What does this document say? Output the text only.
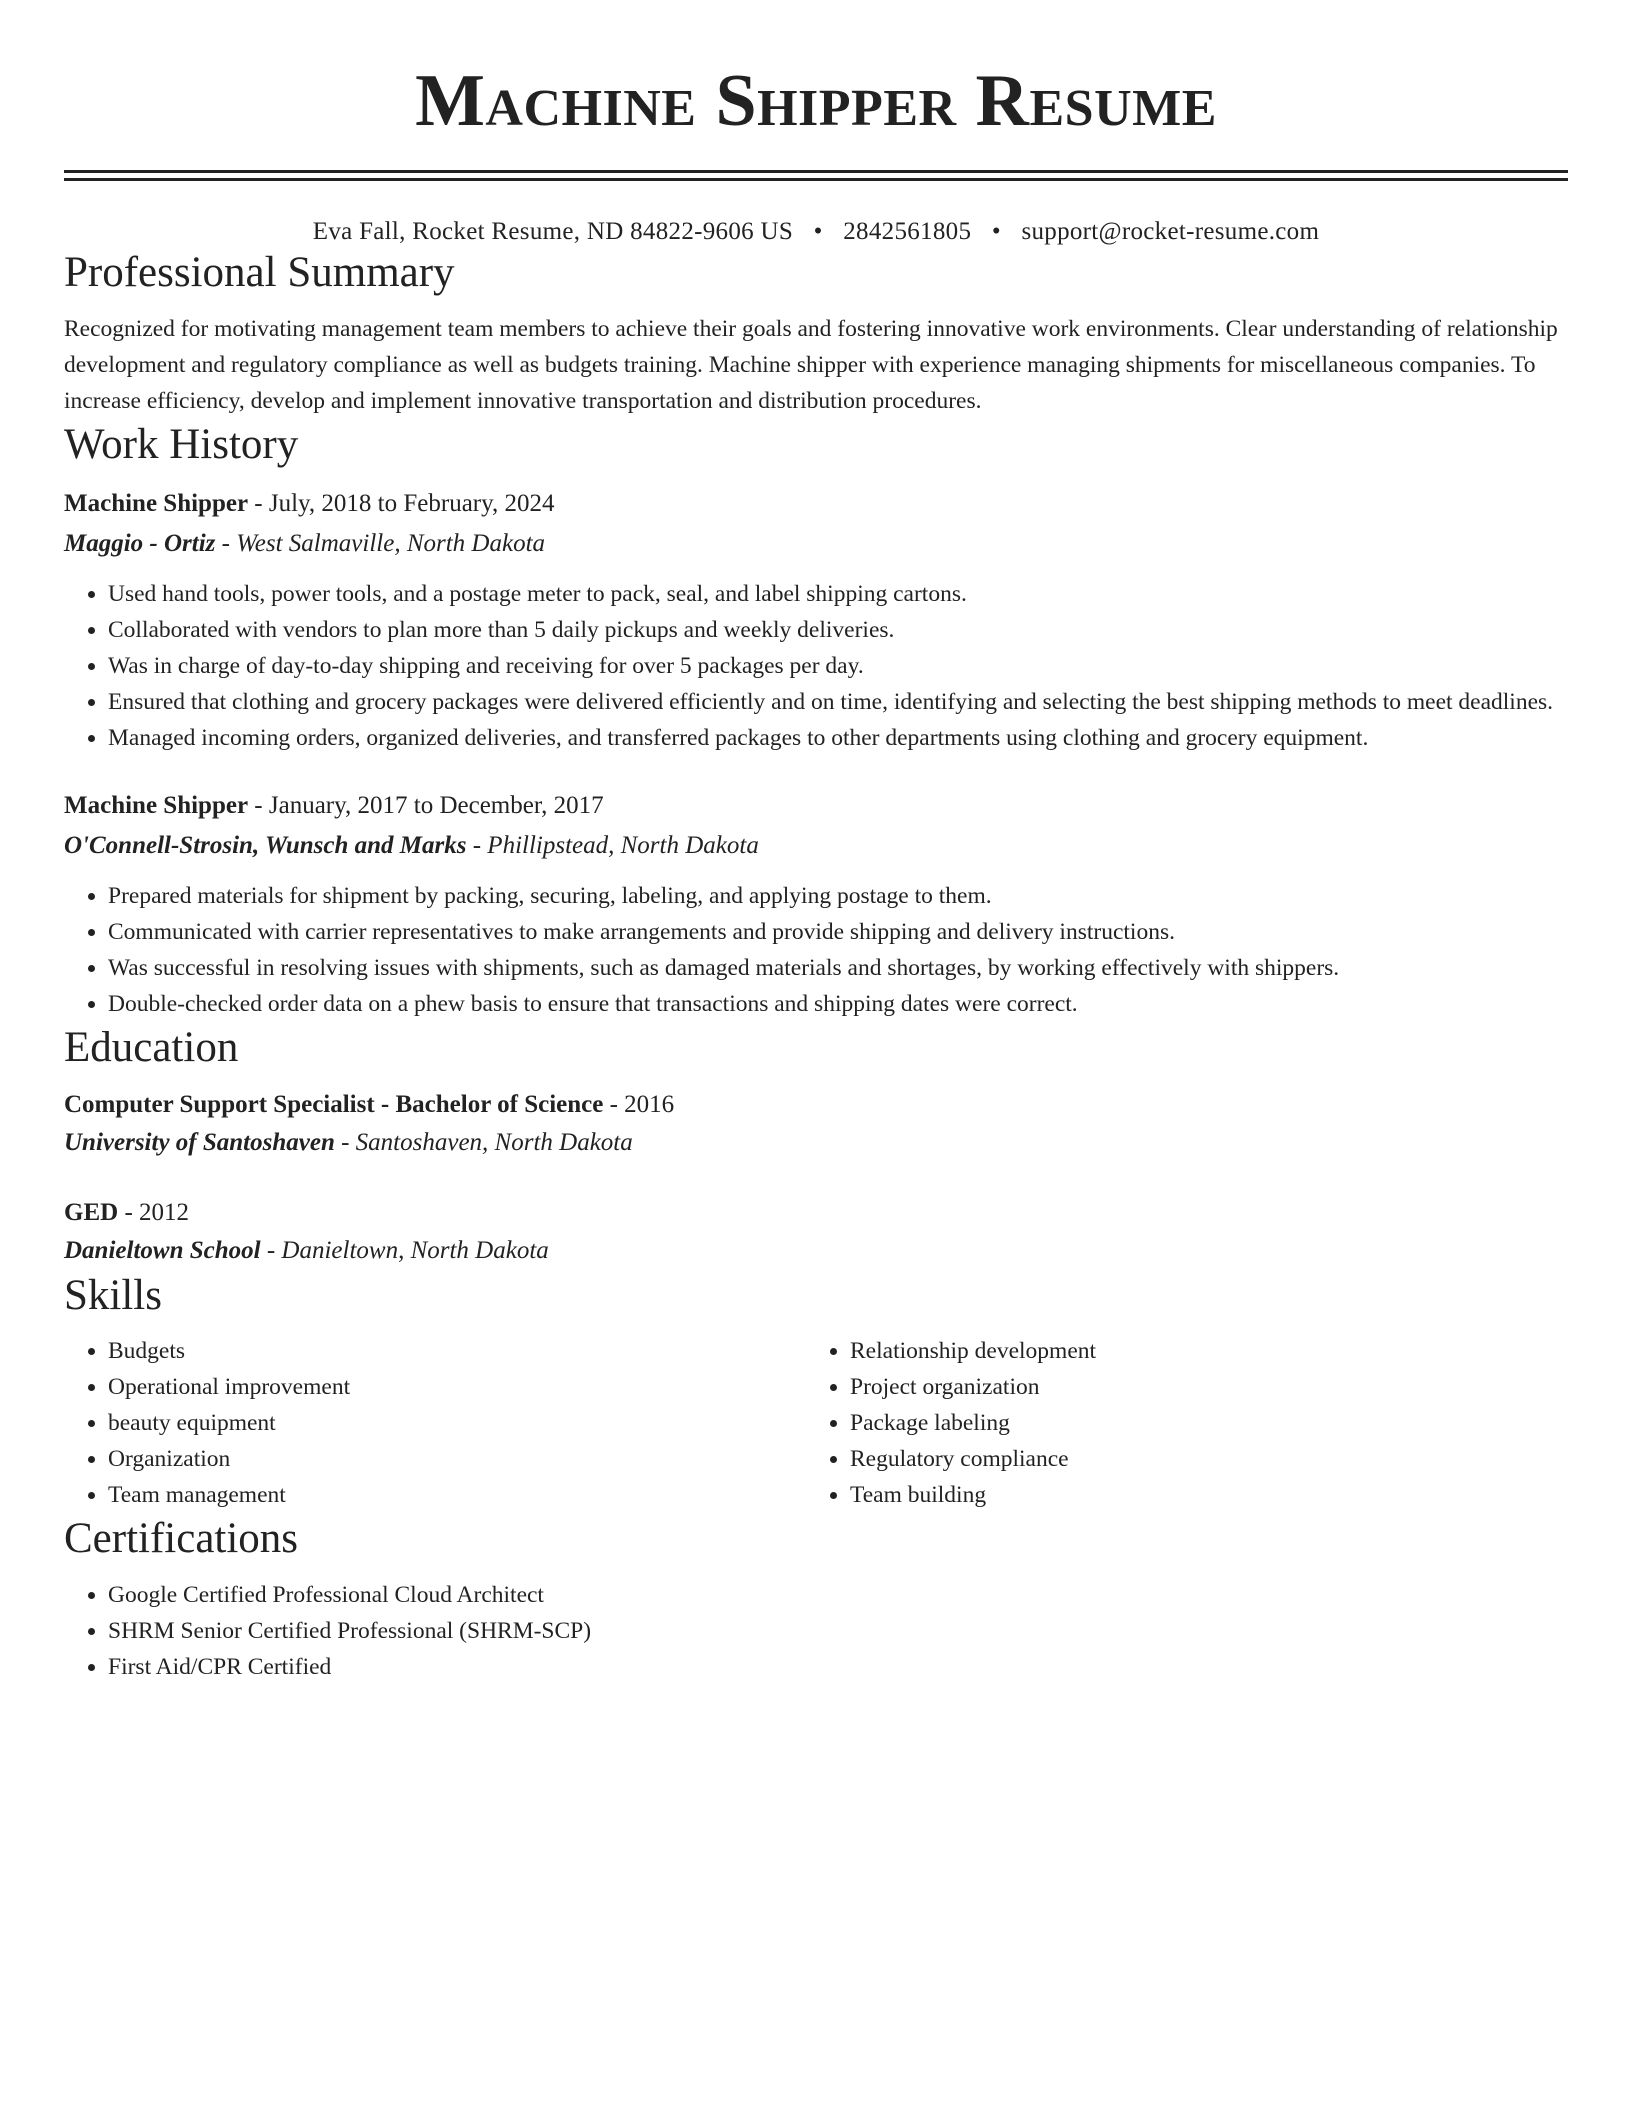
Machine Shipper Resume
Eva Fall, Rocket Resume, ND 84822-9606 US • 2842561805 • support@rocket-resume.com
Professional Summary

Recognized for motivating management team members to achieve their goals and fostering innovative work environments. Clear understanding of relationship development and regulatory compliance as well as budgets training. Machine shipper with experience managing shipments for miscellaneous companies. To increase efficiency, develop and implement innovative transportation and distribution procedures.

Work History
Machine Shipper - July, 2018 to February, 2024
Maggio - Ortiz - West Salmaville, North Dakota
• Used hand tools, power tools, and a postage meter to pack, seal, and label shipping cartons.
• Collaborated with vendors to plan more than 5 daily pickups and weekly deliveries.
• Was in charge of day-to-day shipping and receiving for over 5 packages per day.
• Ensured that clothing and grocery packages were delivered efficiently and on time, identifying and selecting the best shipping methods to meet deadlines.
• Managed incoming orders, organized deliveries, and transferred packages to other departments using clothing and grocery equipment.
Machine Shipper - January, 2017 to December, 2017
O'Connell-Strosin, Wunsch and Marks - Phillipstead, North Dakota
• Prepared materials for shipment by packing, securing, labeling, and applying postage to them.
• Communicated with carrier representatives to make arrangements and provide shipping and delivery instructions.
• Was successful in resolving issues with shipments, such as damaged materials and shortages, by working effectively with shippers.
• Double-checked order data on a phew basis to ensure that transactions and shipping dates were correct.
Education
Computer Support Specialist - Bachelor of Science - 2016
University of Santoshaven - Santoshaven, North Dakota
GED - 2012
Danieltown School - Danieltown, North Dakota
Skills
• Budgets
• Operational improvement
• beauty equipment
• Organization
• Team management
• Relationship development
• Project organization
• Package labeling
• Regulatory compliance
• Team building
Certifications
• Google Certified Professional Cloud Architect
• SHRM Senior Certified Professional (SHRM-SCP)
• First Aid/CPR Certified
